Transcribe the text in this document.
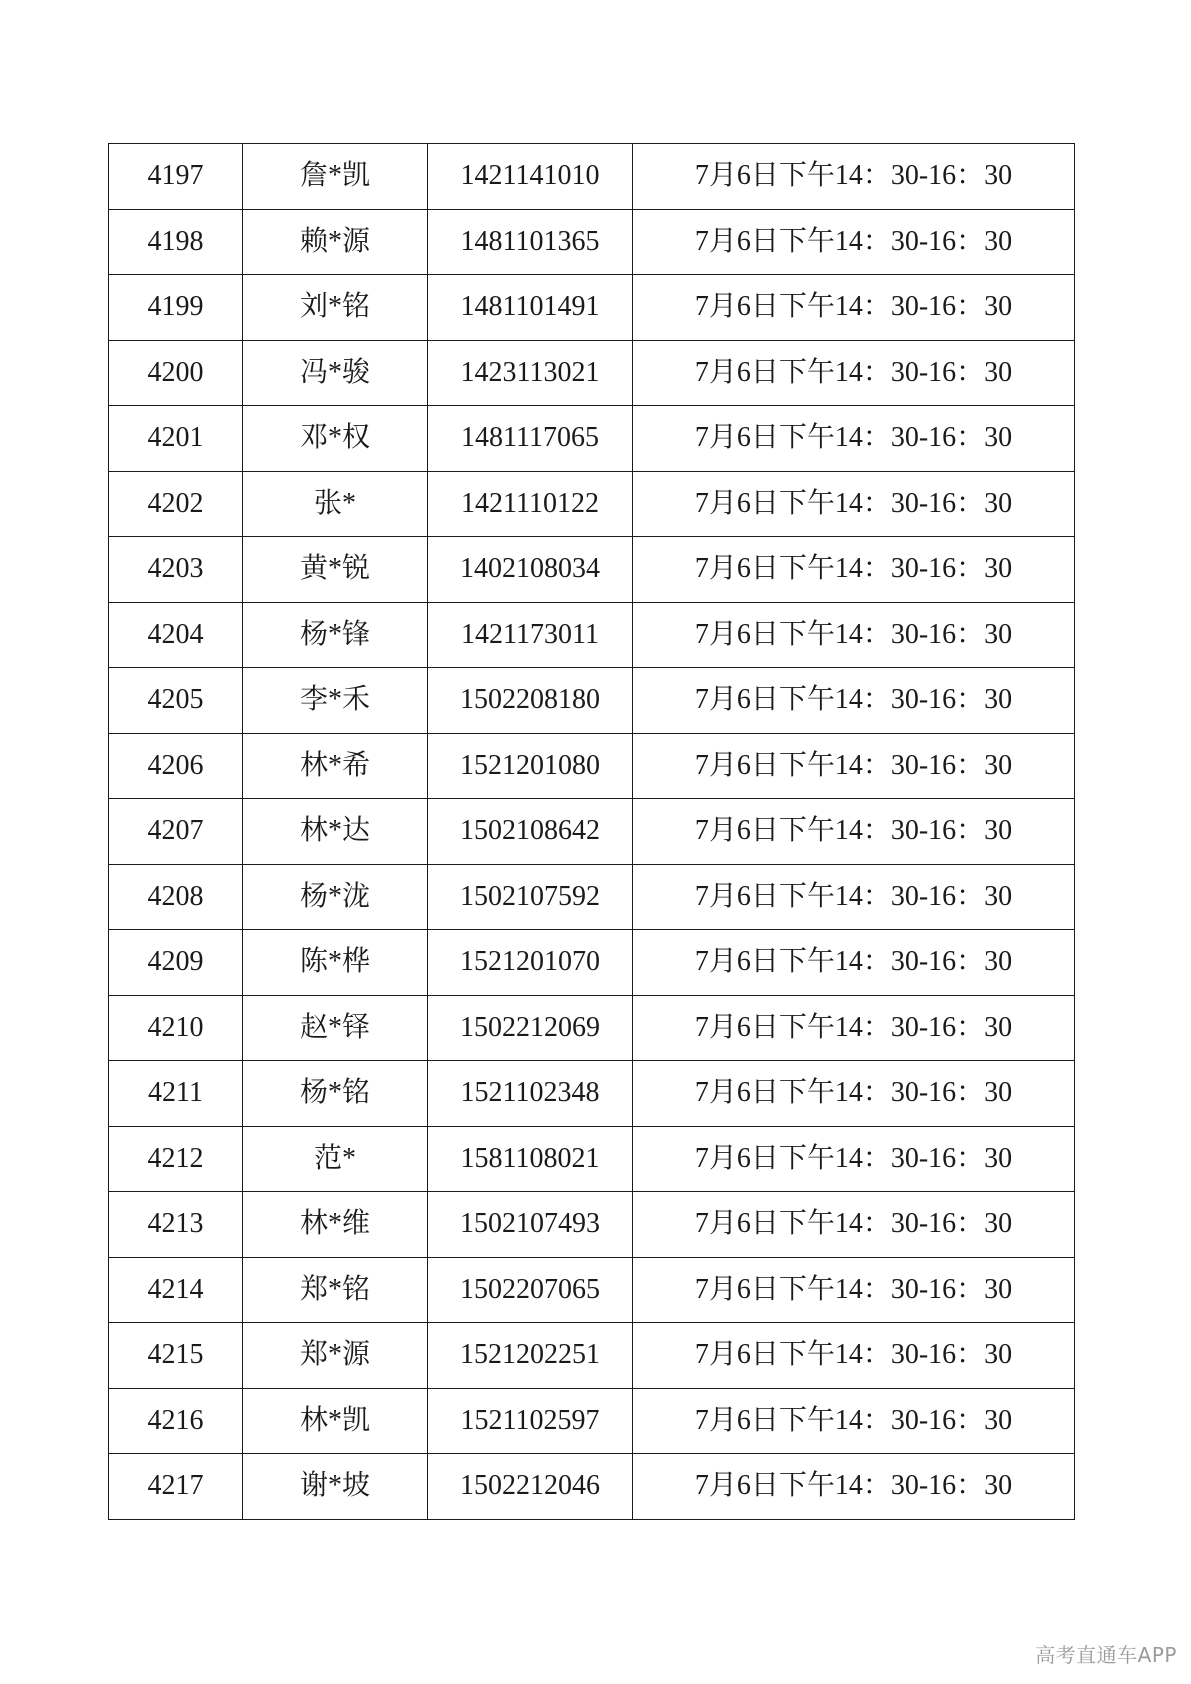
4197	詹*凯	1421141010	7月6日下午14：30-16：30
4198	赖*源	1481101365	7月6日下午14：30-16：30
4199	刘*铭	1481101491	7月6日下午14：30-16：30
4200	冯*骏	1423113021	7月6日下午14：30-16：30
4201	邓*权	1481117065	7月6日下午14：30-16：30
4202	张*	1421110122	7月6日下午14：30-16：30
4203	黄*锐	1402108034	7月6日下午14：30-16：30
4204	杨*锋	1421173011	7月6日下午14：30-16：30
4205	李*禾	1502208180	7月6日下午14：30-16：30
4206	林*希	1521201080	7月6日下午14：30-16：30
4207	林*达	1502108642	7月6日下午14：30-16：30
4208	杨*泷	1502107592	7月6日下午14：30-16：30
4209	陈*桦	1521201070	7月6日下午14：30-16：30
4210	赵*铎	1502212069	7月6日下午14：30-16：30
4211	杨*铭	1521102348	7月6日下午14：30-16：30
4212	范*	1581108021	7月6日下午14：30-16：30
4213	林*维	1502107493	7月6日下午14：30-16：30
4214	郑*铭	1502207065	7月6日下午14：30-16：30
4215	郑*源	1521202251	7月6日下午14：30-16：30
4216	林*凯	1521102597	7月6日下午14：30-16：30
4217	谢*坡	1502212046	7月6日下午14：30-16：30
高考直通车APP
